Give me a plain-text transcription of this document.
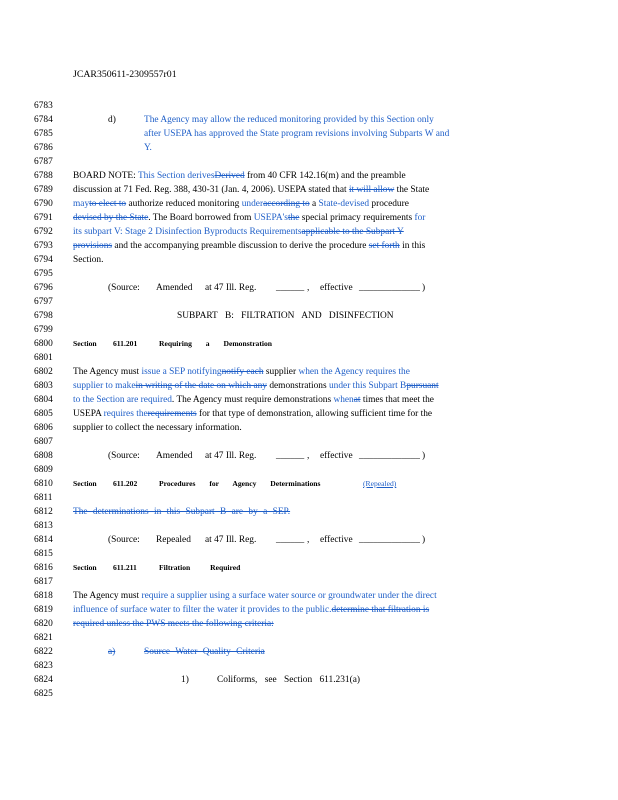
JCAR350611-2309557r01
6783
6784	d)	The Agency may allow the reduced monitoring provided by this Section only
6785	after USEPA has approved the State program revisions involving Subparts W and
6786	Y.
6787
6788	BOARD NOTE: This Section derivesDerived from 40 CFR 142.16(m) and the preamble
6789	discussion at 71 Fed. Reg. 388, 430-31 (Jan. 4, 2006). USEPA stated that it will allow the State
6790	mayto elect to authorize reduced monitoring underaccording to a State-devised procedure
6791	devised by the State. The Board borrowed from USEPA'sthe special primacy requirements for
6792	its subpart V: Stage 2 Disinfection Byproducts Requirementsapplicable to the Subpart Y
6793	provisions and the accompanying preamble discussion to derive the procedure set forth in this
6794	Section.
6795
6796	(Source: Amended at 47 Ill. Reg. ______ , effective _____________ )
6797
6798	SUBPART B: FILTRATION AND DISINFECTION
6799
6800	Section 611.201	Requiring a Demonstration
6801
6802	The Agency must issue a SEP notifyingnotify each supplier when the Agency requires the
6803	supplier to makein writing of the date on which any demonstrations under this Subpart Bpursuant
6804	to the Section are required. The Agency must require demonstrations whenat times that meet the
6805	USEPA requires therequirements for that type of demonstration, allowing sufficient time for the
6806	supplier to collect the necessary information.
6807
6808	(Source: Amended at 47 Ill. Reg. ______ , effective _____________ )
6809
6810	Section 611.202	Procedures for Agency Determinations	(Repealed)
6811
6812	The determinations in this Subpart B are by a SEP.
6813
6814	(Source: Repealed at 47 Ill. Reg. ______ , effective _____________ )
6815
6816	Section 611.211	Filtration Required
6817
6818	The Agency must require a supplier using a surface water source or groundwater under the direct
6819	influence of surface water to filter the water it provides to the public.determine that filtration is
6820	required unless the PWS meets the following criteria:
6821
6822	a)	Source Water Quality Criteria
6823
6824	1)	Coliforms, see Section 611.231(a)
6825
